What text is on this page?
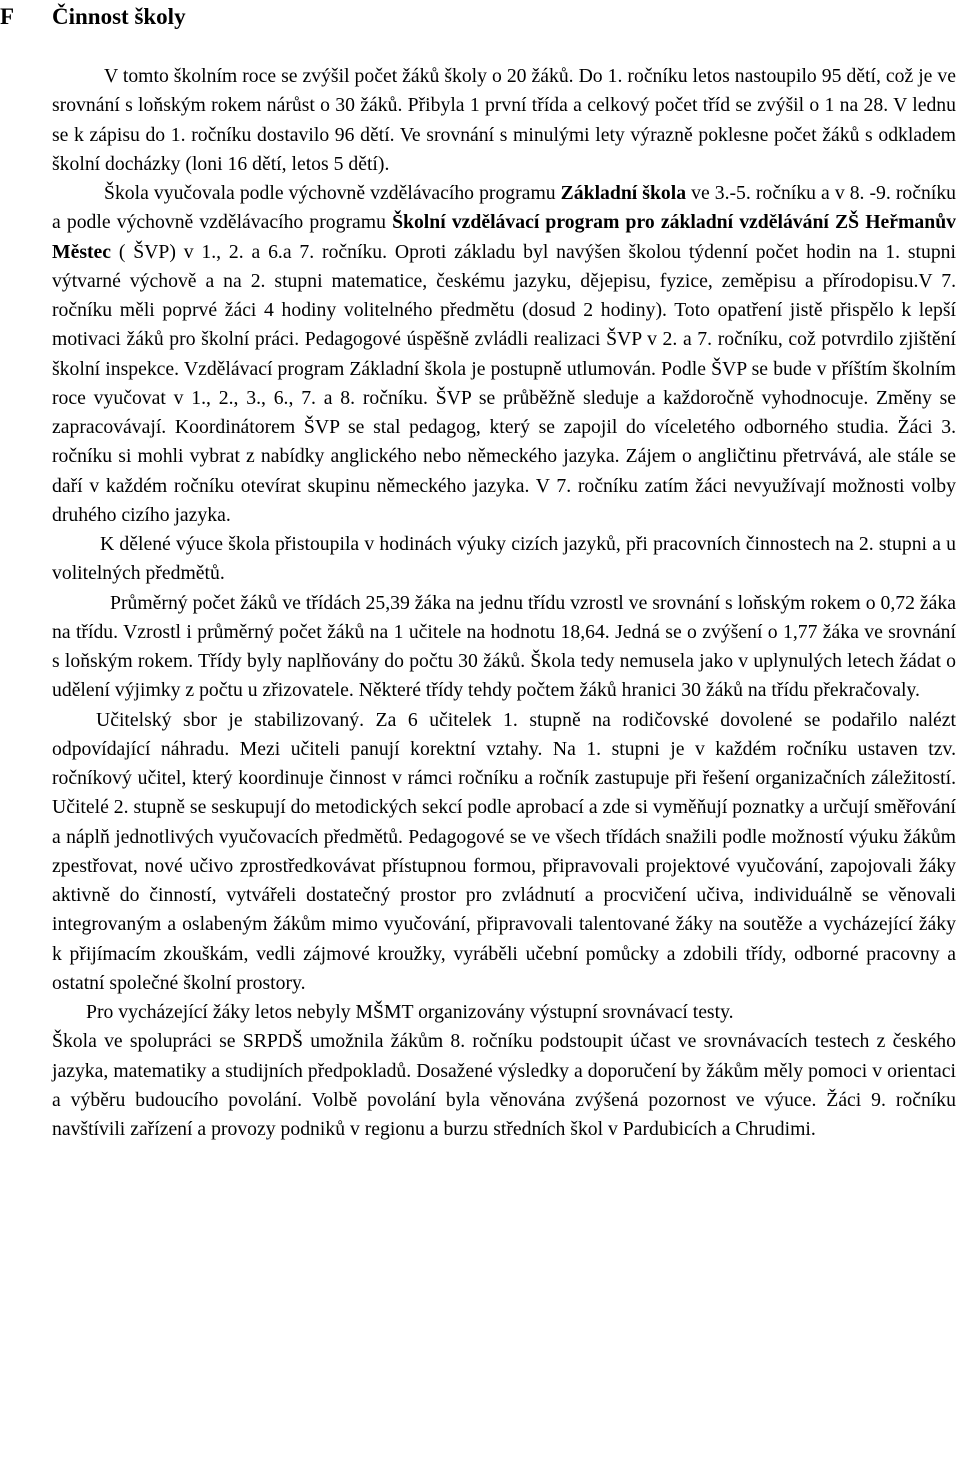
F Činnost školy

V tomto školním roce se zvýšil počet žáků školy o 20 žáků. Do 1. ročníku letos nastoupilo 95 dětí, což je ve srovnání s loňským rokem nárůst o 30 žáků. Přibyla 1 první třída a celkový počet tříd se zvýšil o 1 na 28. V lednu se k zápisu do 1. ročníku dostavilo 96 dětí. Ve srovnání s minulými lety výrazně poklesne počet žáků s odkladem školní docházky (loni 16 dětí, letos 5 dětí).

Škola vyučovala podle výchovně vzdělávacího programu Základní škola ve 3.-5. ročníku a v 8. -9. ročníku a podle výchovně vzdělávacího programu Školní vzdělávací program pro základní vzdělávání ZŠ Heřmanův Městec ( ŠVP) v 1., 2. a 6.a 7. ročníku. Oproti základu byl navýšen školou týdenní počet hodin na 1. stupni výtvarné výchově a na 2. stupni matematice, českému jazyku, dějepisu, fyzice, zeměpisu a přírodopisu.V 7. ročníku měli poprvé žáci 4 hodiny volitelného předmětu (dosud 2 hodiny). Toto opatření jistě přispělo k lepší motivaci žáků pro školní práci. Pedagogové úspěšně zvládli realizaci ŠVP v 2. a 7. ročníku, což potvrdilo zjištění školní inspekce. Vzdělávací program Základní škola je postupně utlumován. Podle ŠVP se bude v příštím školním roce vyučovat v 1., 2., 3., 6., 7. a 8. ročníku. ŠVP se průběžně sleduje a každoročně vyhodnocuje. Změny se zapracovávají. Koordinátorem ŠVP se stal pedagog, který se zapojil do víceletého odborného studia. Žáci 3. ročníku si mohli vybrat z nabídky anglického nebo německého jazyka. Zájem o angličtinu přetrvává, ale stále se daří v každém ročníku otevírat skupinu německého jazyka. V 7. ročníku zatím žáci nevyužívají možnosti volby druhého cizího jazyka.

K dělené výuce škola přistoupila v hodinách výuky cizích jazyků, při pracovních činnostech na 2. stupni a u volitelných předmětů.

Průměrný počet žáků ve třídách 25,39 žáka na jednu třídu vzrostl ve srovnání s loňským rokem o 0,72 žáka na třídu. Vzrostl i průměrný počet žáků na 1 učitele na hodnotu 18,64. Jedná se o zvýšení o 1,77 žáka ve srovnání s loňským rokem. Třídy byly naplňovány do počtu 30 žáků. Škola tedy nemusela jako v uplynulých letech žádat o udělení výjimky z počtu u zřizovatele. Některé třídy tehdy počtem žáků hranici 30 žáků na třídu překračovaly.

Učitelský sbor je stabilizovaný. Za 6 učitelek 1. stupně na rodičovské dovolené se podařilo nalézt odpovídající náhradu. Mezi učiteli panují korektní vztahy. Na 1. stupni je v každém ročníku ustaven tzv. ročníkový učitel, který koordinuje činnost v rámci ročníku a ročník zastupuje při řešení organizačních záležitostí. Učitelé 2. stupně se seskupují do metodických sekcí podle aprobací a zde si vyměňují poznatky a určují směřování a náplň jednotlivých vyučovacích předmětů. Pedagogové se ve všech třídách snažili podle možností výuku žákům zpestřovat, nové učivo zprostředkovávat přístupnou formou, připravovali projektové vyučování, zapojovali žáky aktivně do činností, vytvářeli dostatečný prostor pro zvládnutí a procvičení učiva, individuálně se věnovali integrovaným a oslabeným žákům mimo vyučování, připravovali talentované žáky na soutěže a vycházející žáky k přijímacím zkouškám, vedli zájmové kroužky, vyráběli učební pomůcky a zdobili třídy, odborné pracovny a ostatní společné školní prostory.

Pro vycházející žáky letos nebyly MŠMT organizovány výstupní srovnávací testy.

Škola ve spolupráci se SRPDŠ umožnila žákům 8. ročníku podstoupit účast ve srovnávacích testech z českého jazyka, matematiky a studijních předpokladů. Dosažené výsledky a doporučení by žákům měly pomoci v orientaci a výběru budoucího povolání. Volbě povolání byla věnována zvýšená pozornost ve výuce. Žáci 9. ročníku navštívili zařízení a provozy podniků v regionu a burzu středních škol v Pardubicích a Chrudimi.
